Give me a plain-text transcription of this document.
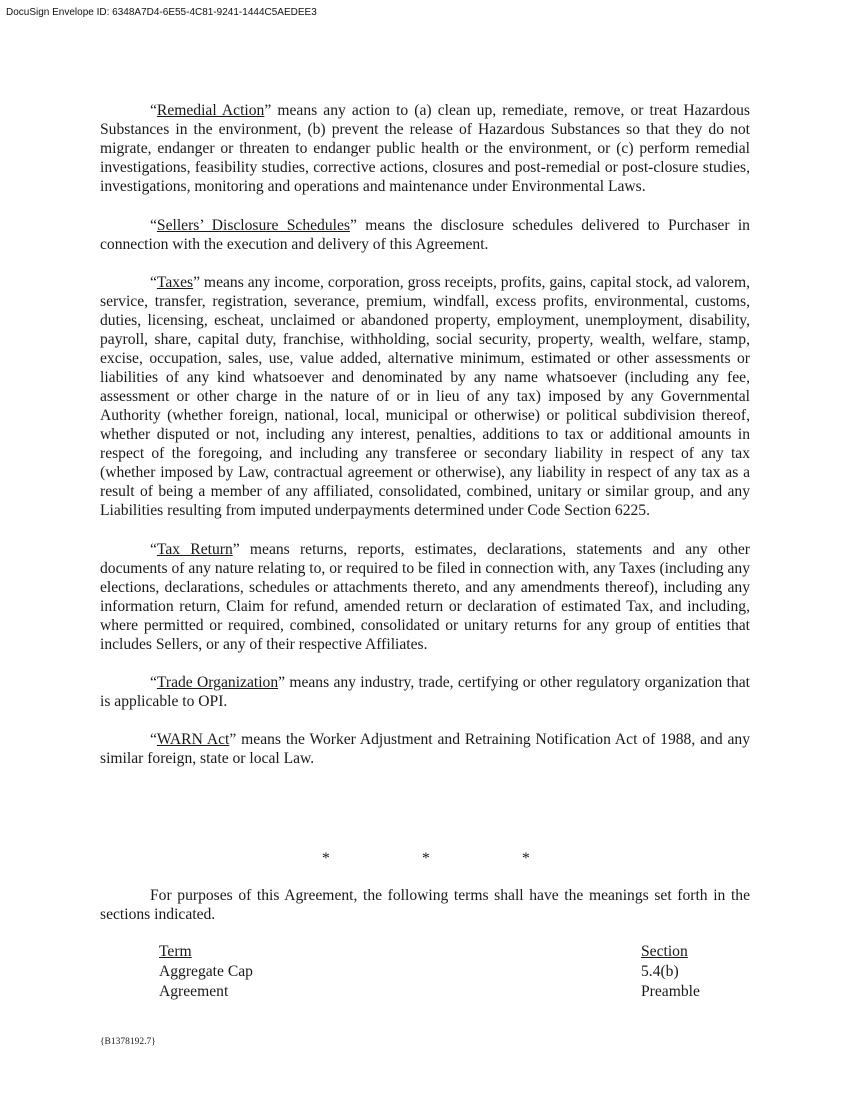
DocuSign Envelope ID: 6348A7D4-6E55-4C81-9241-1444C5AEDEE3

“Remedial Action” means any action to (a) clean up, remediate, remove, or treat Hazardous Substances in the environment, (b) prevent the release of Hazardous Substances so that they do not migrate, endanger or threaten to endanger public health or the environment, or (c) perform remedial investigations, feasibility studies, corrective actions, closures and post-remedial or post-closure studies, investigations, monitoring and operations and maintenance under Environmental Laws.

“Sellers’ Disclosure Schedules” means the disclosure schedules delivered to Purchaser in connection with the execution and delivery of this Agreement.

“Taxes” means any income, corporation, gross receipts, profits, gains, capital stock, ad valorem, service, transfer, registration, severance, premium, windfall, excess profits, environmental, customs, duties, licensing, escheat, unclaimed or abandoned property, employment, unemployment, disability, payroll, share, capital duty, franchise, withholding, social security, property, wealth, welfare, stamp, excise, occupation, sales, use, value added, alternative minimum, estimated or other assessments or liabilities of any kind whatsoever and denominated by any name whatsoever (including any fee, assessment or other charge in the nature of or in lieu of any tax) imposed by any Governmental Authority (whether foreign, national, local, municipal or otherwise) or political subdivision thereof, whether disputed or not, including any interest, penalties, additions to tax or additional amounts in respect of the foregoing, and including any transferee or secondary liability in respect of any tax (whether imposed by Law, contractual agreement or otherwise), any liability in respect of any tax as a result of being a member of any affiliated, consolidated, combined, unitary or similar group, and any Liabilities resulting from imputed underpayments determined under Code Section 6225.

“Tax Return” means returns, reports, estimates, declarations, statements and any other documents of any nature relating to, or required to be filed in connection with, any Taxes (including any elections, declarations, schedules or attachments thereto, and any amendments thereof), including any information return, Claim for refund, amended return or declaration of estimated Tax, and including, where permitted or required, combined, consolidated or unitary returns for any group of entities that includes Sellers, or any of their respective Affiliates.

“Trade Organization” means any industry, trade, certifying or other regulatory organization that is applicable to OPI.

“WARN Act” means the Worker Adjustment and Retraining Notification Act of 1988, and any similar foreign, state or local Law.

*	*	*

For purposes of this Agreement, the following terms shall have the meanings set forth in the sections indicated.

Term	Section
Aggregate Cap	5.4(b)
Agreement	Preamble
{B1378192.7}
